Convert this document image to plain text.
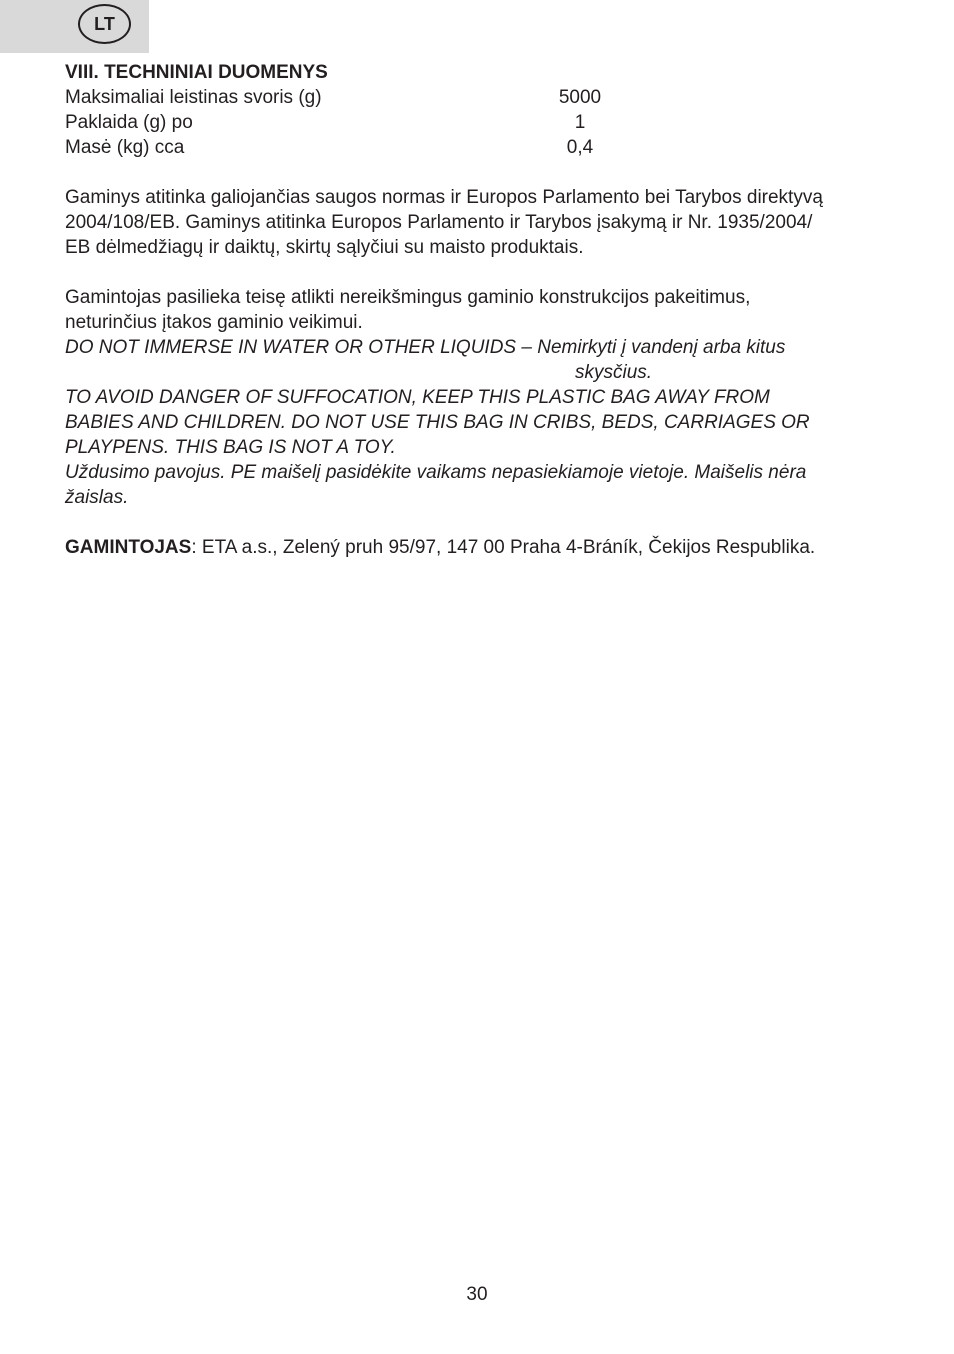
LT

VIII. TECHNINIAI DUOMENYS

Maksimaliai leistinas svoris (g)	5000
Paklaida (g) po	1
Masė (kg) cca	0,4
Gaminys atitinka galiojančias saugos normas ir Europos Parlamento bei Tarybos direktyvą
2004/108/EB. Gaminys atitinka Europos Parlamento ir Tarybos įsakymą ir Nr. 1935/2004/
EB dėlmedžiagų ir daiktų, skirtų sąlyčiui su maisto produktais.
Gamintojas pasilieka teisę atlikti nereikšmingus gaminio konstrukcijos pakeitimus,
neturinčius įtakos gaminio veikimui.
DO NOT IMMERSE IN WATER OR OTHER LIQUIDS – Nemirkyti į vandenį arba kitus
skysčius.
TO AVOID DANGER OF SUFFOCATION, KEEP THIS PLASTIC BAG AWAY FROM
BABIES AND CHILDREN. DO NOT USE THIS BAG IN CRIBS, BEDS, CARRIAGES OR
PLAYPENS. THIS BAG IS NOT A TOY.
Uždusimo pavojus. PE maišelį pasidėkite vaikams nepasiekiamoje vietoje. Maišelis nėra
žaislas.
GAMINTOJAS: ETA a.s., Zelený pruh 95/97, 147 00 Praha 4-Bráník, Čekijos Respublika.
30
